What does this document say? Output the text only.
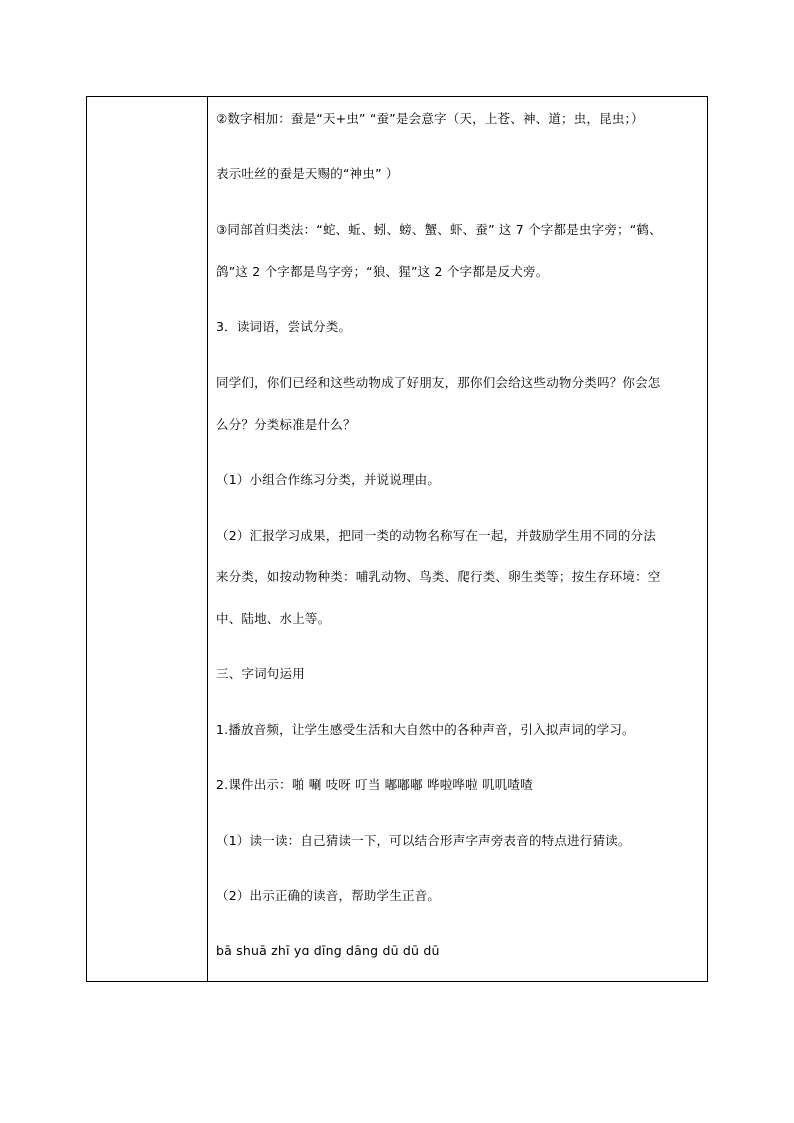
②数字相加：蚕是“天+虫” “蚕”是会意字（天，上苍、神、道；虫，昆虫；）
表示吐丝的蚕是天赐的“神虫” ）
③同部首归类法：“蛇、蚯、蚓、螃、蟹、虾、蚕” 这 7 个字都是虫字旁；“鹤、
鸽”这 2 个字都是鸟字旁；“狼、猩”这 2 个字都是反犬旁。
3．读词语，尝试分类。
同学们，你们已经和这些动物成了好朋友，那你们会给这些动物分类吗？你会怎
么分？分类标准是什么？
（1）小组合作练习分类，并说说理由。
（2）汇报学习成果，把同一类的动物名称写在一起，并鼓励学生用不同的分法
来分类，如按动物种类：哺乳动物、鸟类、爬行类、卵生类等；按生存环境：空
中、陆地、水上等。
三、字词句运用
1.播放音频，让学生感受生活和大自然中的各种声音，引入拟声词的学习。
2.课件出示：啪 唰 吱呀 叮当 嘟嘟嘟 哗啦哗啦 叽叽喳喳
（1）读一读：自己猜读一下，可以结合形声字声旁表音的特点进行猜读。
（2）出示正确的读音，帮助学生正音。
bā shuā zhī yɑ dīng dāng dū dū dū
